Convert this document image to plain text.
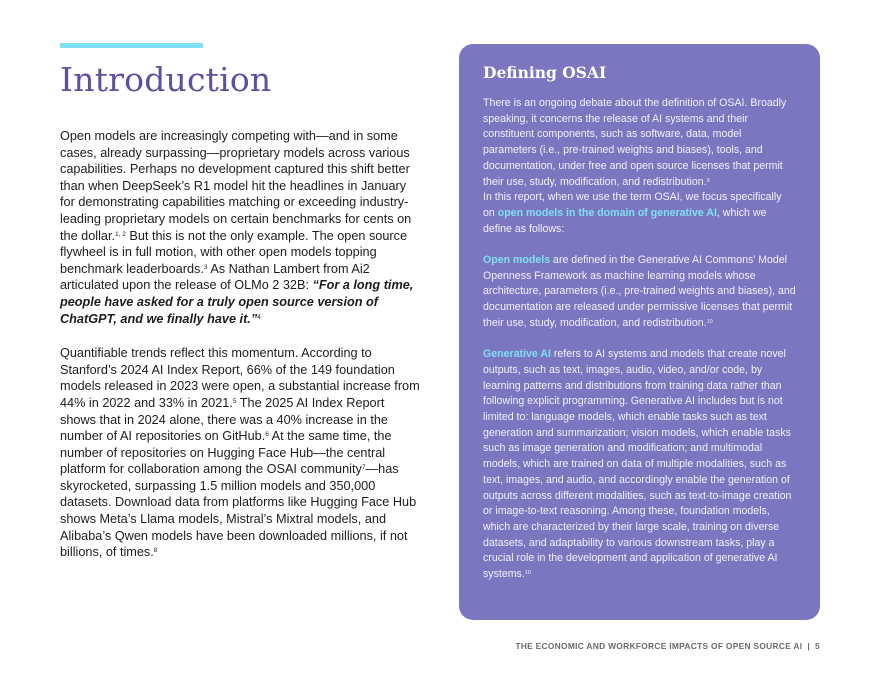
Introduction

Open models are increasingly competing with—and in some cases, already surpassing—proprietary models across various capabilities. Perhaps no development captured this shift better than when DeepSeek’s R1 model hit the headlines in January for demonstrating capabilities matching or exceeding industry-leading proprietary models on certain benchmarks for cents on the dollar.$^{1, 2}$ But this is not the only example. The open source flywheel is in full motion, with other open models topping benchmark leaderboards.$^3$ As Nathan Lambert from Ai2 articulated upon the release of OLMo 2 32B: “For a long time, people have asked for a truly open source version of ChatGPT, and we finally have it.”$^4$

Quantifiable trends reflect this momentum. According to Stanford’s 2024 AI Index Report, 66% of the 149 foundation models released in 2023 were open, a substantial increase from 44% in 2022 and 33% in 2021.$^5$ The 2025 AI Index Report shows that in 2024 alone, there was a 40% increase in the number of AI repositories on GitHub.$^6$ At the same time, the number of repositories on Hugging Face Hub—the central platform for collaboration among the OSAI community$^7$—has skyrocketed, surpassing 1.5 million models and 350,000 datasets. Download data from platforms like Hugging Face Hub shows Meta’s Llama models, Mistral’s Mixtral models, and Alibaba’s Qwen models have been downloaded millions, if not billions, of times.$^8$

Defining OSAI

There is an ongoing debate about the definition of OSAI. Broadly speaking, it concerns the release of AI systems and their constituent components, such as software, data, model parameters (i.e., pre-trained weights and biases), tools, and documentation, under free and open source licenses that permit their use, study, modification, and redistribution.$^9$
In this report, when we use the term OSAI, we focus specifically on open models in the domain of generative AI, which we define as follows:

Open models are defined in the Generative AI Commons’ Model Openness Framework as machine learning models whose architecture, parameters (i.e., pre-trained weights and biases), and documentation are released under permissive licenses that permit their use, study, modification, and redistribution.$^{10}$

Generative AI refers to AI systems and models that create novel outputs, such as text, images, audio, video, and/or code, by learning patterns and distributions from training data rather than following explicit programming. Generative AI includes but is not limited to: language models, which enable tasks such as text generation and summarization; vision models, which enable tasks such as image generation and modification; and multimodal models, which are trained on data of multiple modalities, such as text, images, and audio, and accordingly enable the generation of outputs across different modalities, such as text-to-image creation or image-to-text reasoning. Among these, foundation models, which are characterized by their large scale, training on diverse datasets, and adaptability to various downstream tasks, play a crucial role in the development and application of generative AI systems.$^{10}$

THE ECONOMIC AND WORKFORCE IMPACTS OF OPEN SOURCE AI | 5
